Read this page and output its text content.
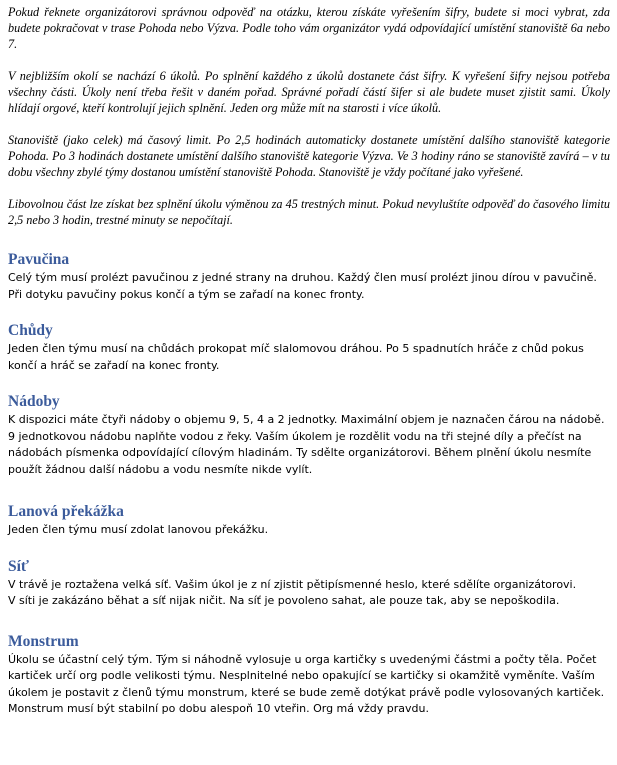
Pokud řeknete organizátorovi správnou odpověď na otázku, kterou získáte vyřešením šifry, budete si moci vybrat, zda budete pokračovat v trase Pohoda nebo Výzva. Podle toho vám organizátor vydá odpovídající umístění stanoviště 6a nebo 7.

V nejbližším okolí se nachází 6 úkolů. Po splnění každého z úkolů dostanete část šifry. K vyřešení šifry nejsou potřeba všechny části. Úkoly není třeba řešit v daném pořad. Správné pořadí částí šifer si ale budete muset zjistit sami. Úkoly hlídají orgové, kteří kontrolují jejich splnění. Jeden org může mít na starosti i více úkolů.

Stanoviště (jako celek) má časový limit. Po 2,5 hodinách automaticky dostanete umístění dalšího stanoviště kategorie Pohoda. Po 3 hodinách dostanete umístění dalšího stanoviště kategorie Výzva. Ve 3 hodiny ráno se stanoviště zavírá – v tu dobu všechny zbylé týmy dostanou umístění stanoviště Pohoda. Stanoviště je vždy počítané jako vyřešené.

Libovolnou část lze získat bez splnění úkolu výměnou za 45 trestných minut. Pokud nevyluštíte odpověď do časového limitu 2,5 nebo 3 hodin, trestné minuty se nepočítají.

Pavučina

Celý tým musí prolézt pavučinou z jedné strany na druhou. Každý člen musí prolézt jinou dírou v pavučině. Při dotyku pavučiny pokus končí a tým se zařadí na konec fronty.

Chůdy

Jeden člen týmu musí na chůdách prokopat míč slalomovou dráhou. Po 5 spadnutích hráče z chůd pokus končí a hráč se zařadí na konec fronty.

Nádoby

K dispozici máte čtyři nádoby o objemu 9, 5, 4 a 2 jednotky. Maximální objem je naznačen čárou na nádobě. 9 jednotkovou nádobu naplňte vodou z řeky. Vaším úkolem je rozdělit vodu na tři stejné díly a přečíst na nádobách písmenka odpovídající cílovým hladinám. Ty sdělte organizátorovi. Během plnění úkolu nesmíte použít žádnou další nádobu a vodu nesmíte nikde vylít.

Lanová překážka

Jeden člen týmu musí zdolat lanovou překážku.

Síť

V trávě je roztažena velká síť. Vašim úkol je z ní zjistit pětipísmenné heslo, které sdělíte organizátorovi.

V síti je zakázáno běhat a síť nijak ničit. Na síť je povoleno sahat, ale pouze tak, aby se nepoškodila.

Monstrum

Úkolu se účastní celý tým. Tým si náhodně vylosuje u orga kartičky s uvedenými částmi a počty těla. Počet kartiček určí org podle velikosti týmu. Nesplnitelné nebo opakující se kartičky si okamžitě vyměníte. Vaším úkolem je postavit z členů týmu monstrum, které se bude země dotýkat právě podle vylosovaných kartiček. Monstrum musí být stabilní po dobu alespoň 10 vteřin. Org má vždy pravdu.
